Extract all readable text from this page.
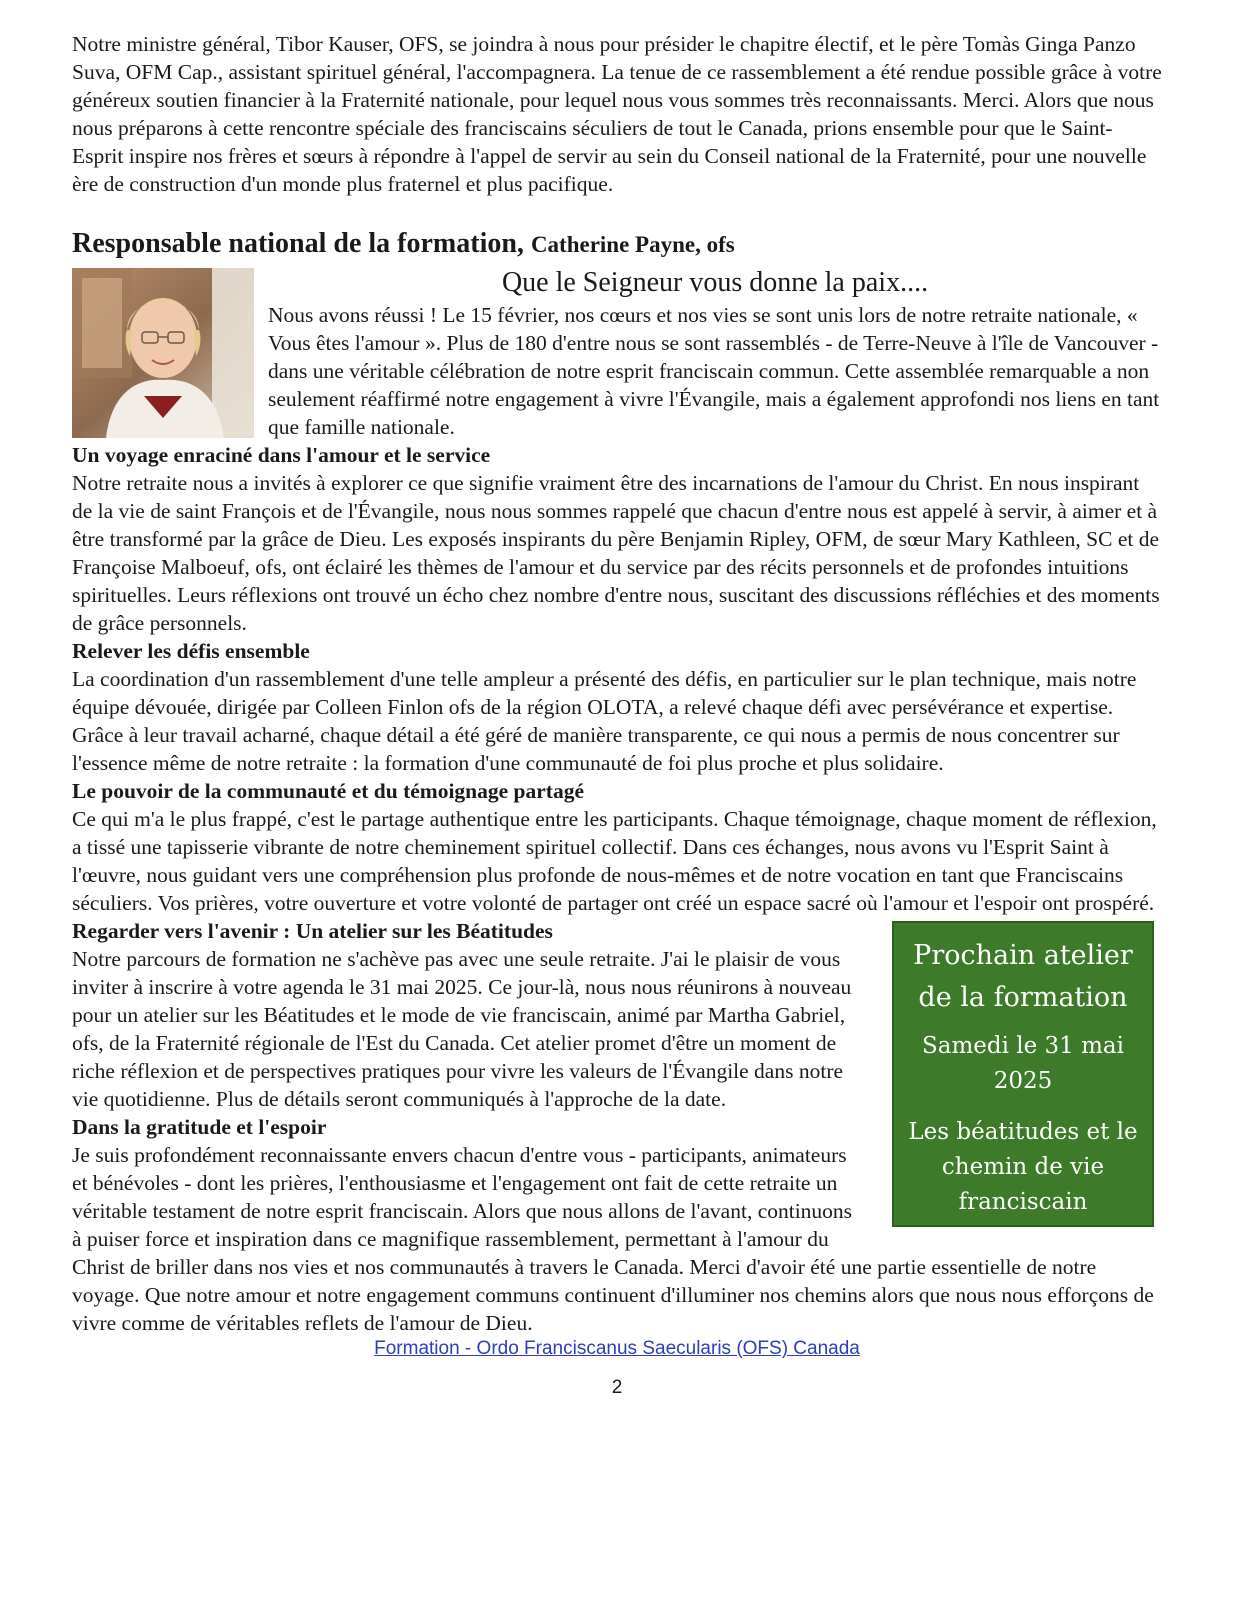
Notre ministre général, Tibor Kauser, OFS, se joindra à nous pour présider le chapitre électif, et le père Tomàs Ginga Panzo Suva, OFM Cap., assistant spirituel général, l'accompagnera. La tenue de ce rassemblement a été rendue possible grâce à votre généreux soutien financier à la Fraternité nationale, pour lequel nous vous sommes très reconnaissants. Merci. Alors que nous nous préparons à cette rencontre spéciale des franciscains séculiers de tout le Canada, prions ensemble pour que le Saint-Esprit inspire nos frères et sœurs à répondre à l'appel de servir au sein du Conseil national de la Fraternité, pour une nouvelle ère de construction d'un monde plus fraternel et plus pacifique.

Responsable national de la formation, Catherine Payne, ofs
Que le Seigneur vous donne la paix....

Nous avons réussi ! Le 15 février, nos cœurs et nos vies se sont unis lors de notre retraite nationale, « Vous êtes l'amour ». Plus de 180 d'entre nous se sont rassemblés - de Terre-Neuve à l'île de Vancouver - dans une véritable célébration de notre esprit franciscain commun. Cette assemblée remarquable a non seulement réaffirmé notre engagement à vivre l'Évangile, mais a également approfondi nos liens en tant que famille nationale.

Un voyage enraciné dans l'amour et le service

Notre retraite nous a invités à explorer ce que signifie vraiment être des incarnations de l'amour du Christ. En nous inspirant de la vie de saint François et de l'Évangile, nous nous sommes rappelé que chacun d'entre nous est appelé à servir, à aimer et à être transformé par la grâce de Dieu. Les exposés inspirants du père Benjamin Ripley, OFM, de sœur Mary Kathleen, SC et de Françoise Malboeuf, ofs, ont éclairé les thèmes de l'amour et du service par des récits personnels et de profondes intuitions spirituelles. Leurs réflexions ont trouvé un écho chez nombre d'entre nous, suscitant des discussions réfléchies et des moments de grâce personnels.

Relever les défis ensemble

La coordination d'un rassemblement d'une telle ampleur a présenté des défis, en particulier sur le plan technique, mais notre équipe dévouée, dirigée par Colleen Finlon ofs de la région OLOTA, a relevé chaque défi avec persévérance et expertise. Grâce à leur travail acharné, chaque détail a été géré de manière transparente, ce qui nous a permis de nous concentrer sur l'essence même de notre retraite : la formation d'une communauté de foi plus proche et plus solidaire.

Le pouvoir de la communauté et du témoignage partagé

Ce qui m'a le plus frappé, c'est le partage authentique entre les participants. Chaque témoignage, chaque moment de réflexion, a tissé une tapisserie vibrante de notre cheminement spirituel collectif. Dans ces échanges, nous avons vu l'Esprit Saint à l'œuvre, nous guidant vers une compréhension plus profonde de nous-mêmes et de notre vocation en tant que Franciscains séculiers. Vos prières, votre ouverture et votre volonté de partager ont créé un espace sacré où l'amour et l'espoir ont prospéré.

Prochain atelier de la formation
Samedi le 31 mai 2025
Les béatitudes et le chemin de vie franciscain
Regarder vers l'avenir : Un atelier sur les Béatitudes

Notre parcours de formation ne s'achève pas avec une seule retraite. J'ai le plaisir de vous inviter à inscrire à votre agenda le 31 mai 2025. Ce jour-là, nous nous réunirons à nouveau pour un atelier sur les Béatitudes et le mode de vie franciscain, animé par Martha Gabriel, ofs, de la Fraternité régionale de l'Est du Canada. Cet atelier promet d'être un moment de riche réflexion et de perspectives pratiques pour vivre les valeurs de l'Évangile dans notre vie quotidienne. Plus de détails seront communiqués à l'approche de la date.

Dans la gratitude et l'espoir

Je suis profondément reconnaissante envers chacun d'entre vous - participants, animateurs et bénévoles - dont les prières, l'enthousiasme et l'engagement ont fait de cette retraite un véritable testament de notre esprit franciscain. Alors que nous allons de l'avant, continuons à puiser force et inspiration dans ce magnifique rassemblement, permettant à l'amour du Christ de briller dans nos vies et nos communautés à travers le Canada. Merci d'avoir été une partie essentielle de notre voyage. Que notre amour et notre engagement communs continuent d'illuminer nos chemins alors que nous nous efforçons de vivre comme de véritables reflets de l'amour de Dieu.

Formation - Ordo Franciscanus Saecularis (OFS) Canada
2
